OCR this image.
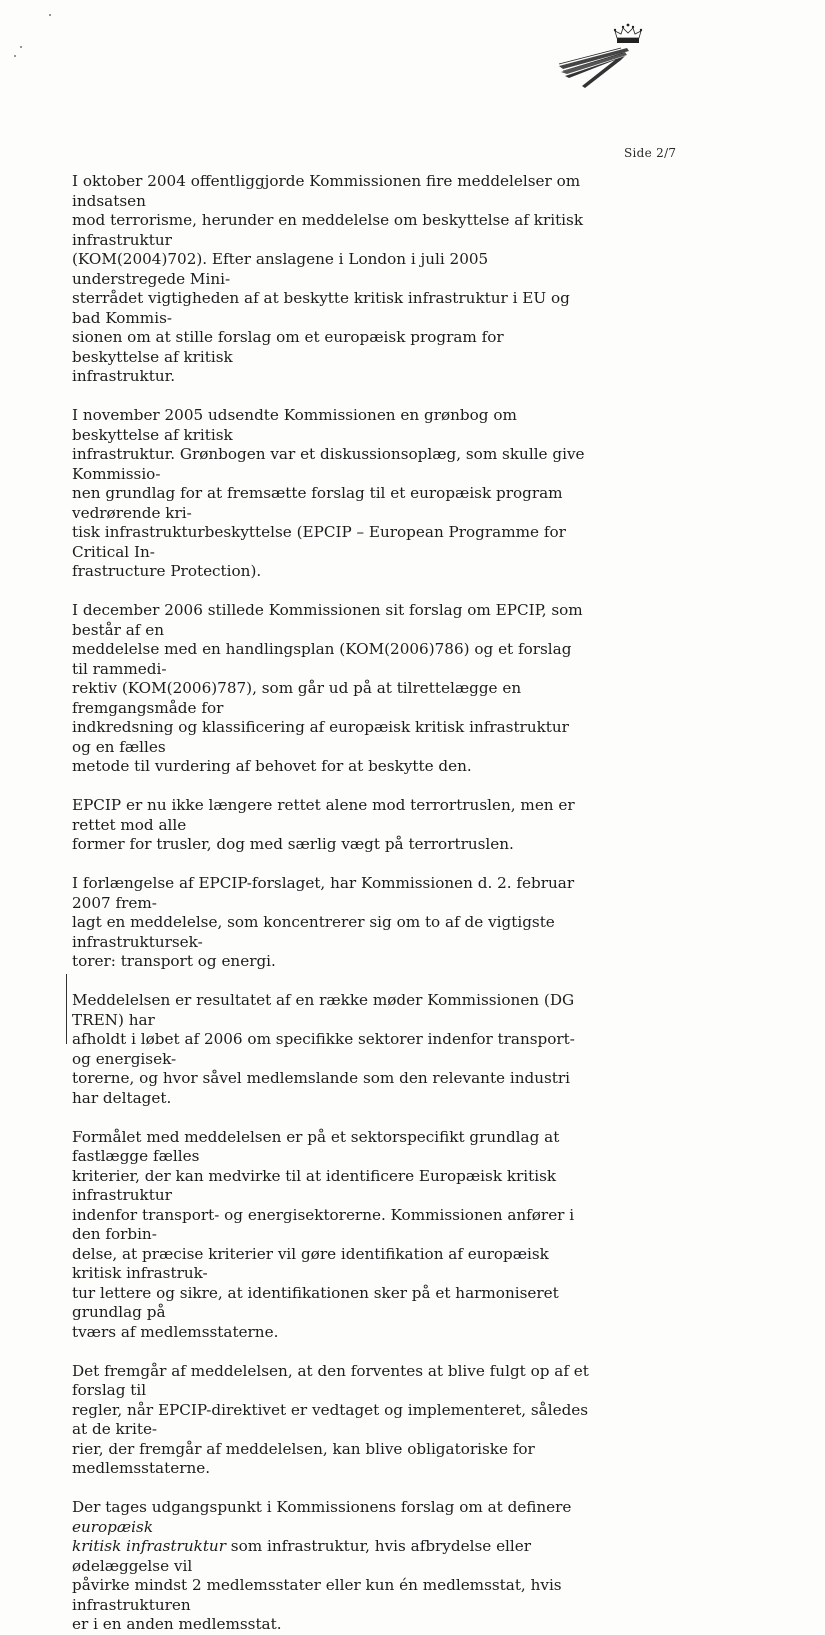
Side 2/7

I oktober 2004 offentliggjorde Kommissionen fire meddelelser om indsatsen
mod terrorisme, herunder en meddelelse om beskyttelse af kritisk infrastruktur
(KOM(2004)702). Efter anslagene i London i juli 2005 understregede Mini-
sterrådet vigtigheden af at beskytte kritisk infrastruktur i EU og bad Kommis-
sionen om at stille forslag om et europæisk program for beskyttelse af kritisk
infrastruktur.

I november 2005 udsendte Kommissionen en grønbog om beskyttelse af kritisk
infrastruktur. Grønbogen var et diskussionsoplæg, som skulle give Kommissio-
nen grundlag for at fremsætte forslag til et europæisk program vedrørende kri-
tisk infrastrukturbeskyttelse (EPCIP – European Programme for Critical In-
frastructure Protection).

I december 2006 stillede Kommissionen sit forslag om EPCIP, som består af en
meddelelse med en handlingsplan (KOM(2006)786) og et forslag til rammedi-
rektiv (KOM(2006)787), som går ud på at tilrettelægge en fremgangsmåde for
indkredsning og klassificering af europæisk kritisk infrastruktur og en fælles
metode til vurdering af behovet for at beskytte den.

EPCIP er nu ikke længere rettet alene mod terrortruslen, men er rettet mod alle
former for trusler, dog med særlig vægt på terrortruslen.

I forlængelse af EPCIP-forslaget, har Kommissionen d. 2. februar 2007 frem-
lagt en meddelelse, som koncentrerer sig om to af de vigtigste infrastruktursek-
torer: transport og energi.

Meddelelsen er resultatet af en række møder Kommissionen (DG TREN) har
afholdt i løbet af 2006 om specifikke sektorer indenfor transport- og energisek-
torerne, og hvor såvel medlemslande som den relevante industri har deltaget.

Formålet med meddelelsen er på et sektorspecifikt grundlag at fastlægge fælles
kriterier, der kan medvirke til at identificere Europæisk kritisk infrastruktur
indenfor transport- og energisektorerne. Kommissionen anfører i den forbin-
delse, at præcise kriterier vil gøre identifikation af europæisk kritisk infrastruk-
tur lettere og sikre, at identifikationen sker på et harmoniseret grundlag på
tværs af medlemsstaterne.

Det fremgår af meddelelsen, at den forventes at blive fulgt op af et forslag til
regler, når EPCIP-direktivet er vedtaget og implementeret, således at de krite-
rier, der fremgår af meddelelsen, kan blive obligatoriske for medlemsstaterne.

Der tages udgangspunkt i Kommissionens forslag om at definere europæisk
kritisk infrastruktur som infrastruktur, hvis afbrydelse eller ødelæggelse vil
påvirke mindst 2 medlemsstater eller kun én medlemsstat, hvis infrastrukturen
er i en anden medlemsstat.
